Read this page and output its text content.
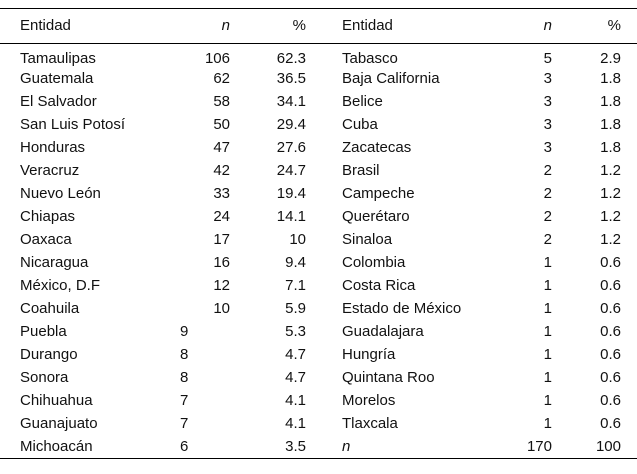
Entidad	n	%	Entidad	n	%	
Tamaulipas	106	62.3	Tabasco	5	2.9	
Guatemala	62	36.5	Baja California	3	1.8	
El Salvador	58	34.1	Belice	3	1.8	
San Luis Potosí	50	29.4	Cuba	3	1.8	
Honduras	47	27.6	Zacatecas	3	1.8	
Veracruz	42	24.7	Brasil	2	1.2	
Nuevo León	33	19.4	Campeche	2	1.2	
Chiapas	24	14.1	Querétaro	2	1.2	
Oaxaca	17	10	Sinaloa	2	1.2	
Nicaragua	16	9.4	Colombia	1	0.6	
México, D.F	12	7.1	Costa Rica	1	0.6	
Coahuila	10	5.9	Estado de México	1	0.6	
Puebla	9	5.3	Guadalajara	1	0.6	
Durango	8	4.7	Hungría	1	0.6	
Sonora	8	4.7	Quintana Roo	1	0.6	
Chihuahua	7	4.1	Morelos	1	0.6	
Guanajuato	7	4.1	Tlaxcala	1	0.6	
Michoacán	6	3.5	n	170	100	
